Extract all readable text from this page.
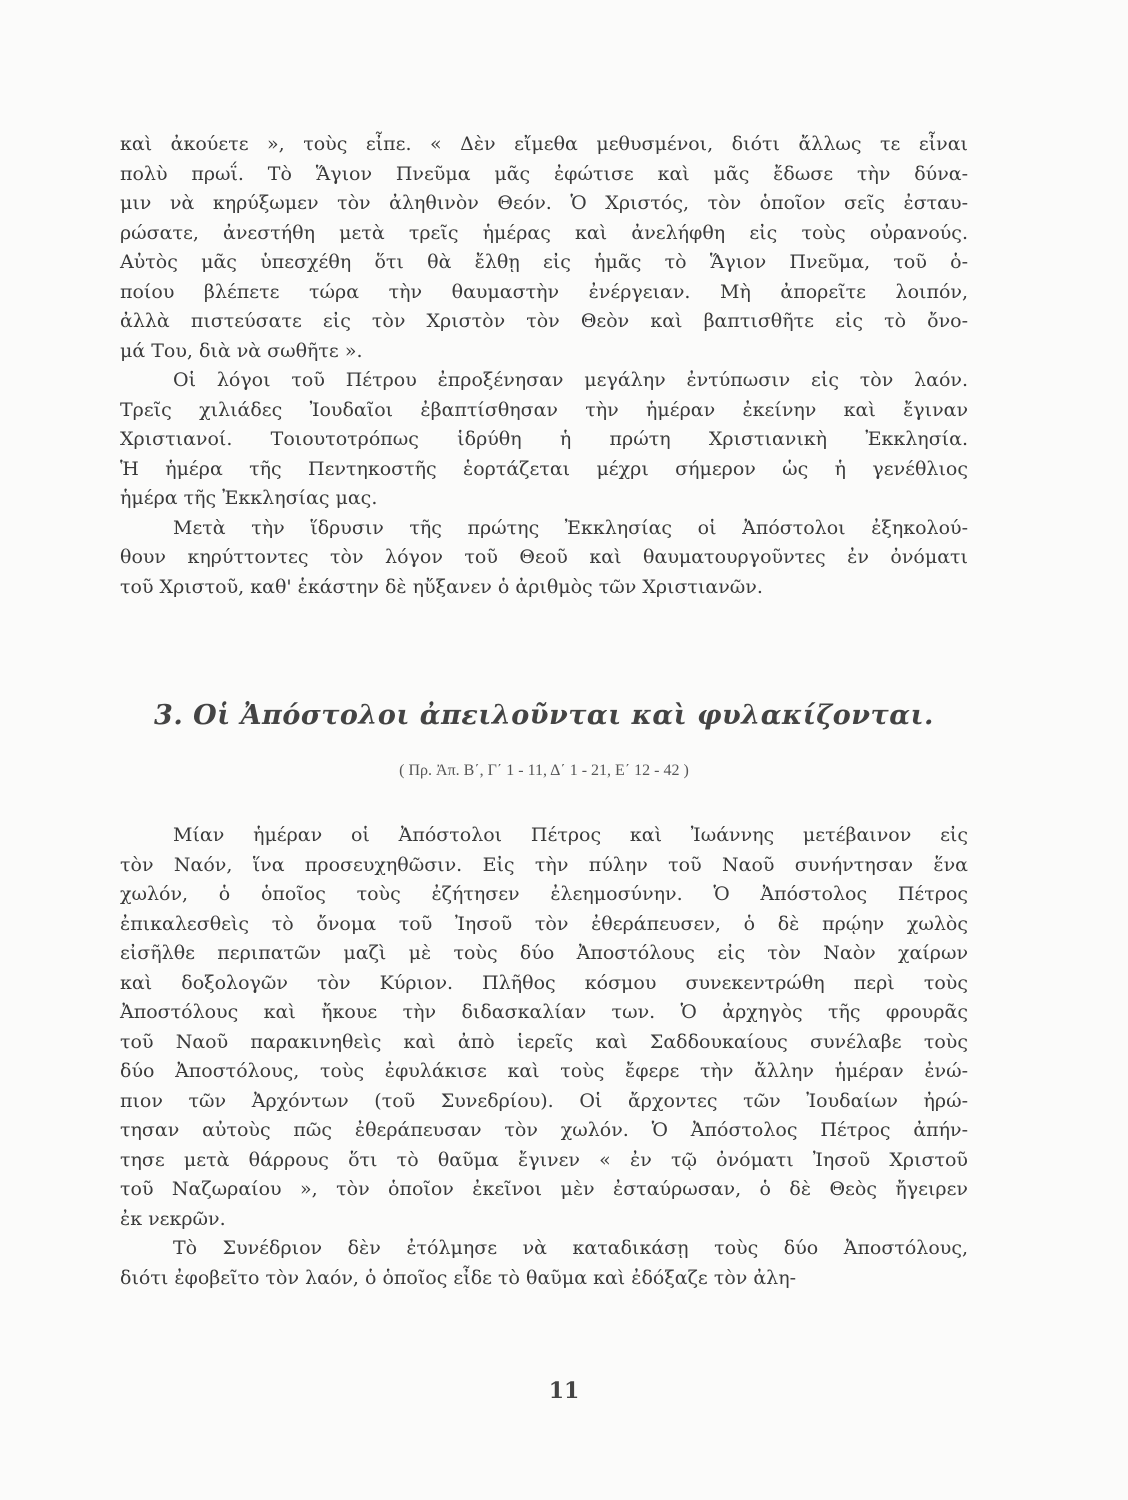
καὶ ἀκούετε », τοὺς εἶπε. « Δὲν εἴμεθα μεθυσμένοι, διότι ἄλλως τε εἶναι
πολὺ πρωΐ. Τὸ Ἅγιον Πνεῦμα μᾶς ἐφώτισε καὶ μᾶς ἔδωσε τὴν δύνα-
μιν νὰ κηρύξωμεν τὸν ἀληθινὸν Θεόν. Ὁ Χριστός, τὸν ὁποῖον σεῖς ἐσταυ-
ρώσατε, ἀνεστήθη μετὰ τρεῖς ἡμέρας καὶ ἀνελήφθη εἰς τοὺς οὐρανούς.
Αὐτὸς μᾶς ὑπεσχέθη ὅτι θὰ ἔλθῃ εἰς ἡμᾶς τὸ Ἅγιον Πνεῦμα, τοῦ ὁ-
ποίου βλέπετε τώρα τὴν θαυμαστὴν ἐνέργειαν. Μὴ ἀπορεῖτε λοιπόν,
ἀλλὰ πιστεύσατε εἰς τὸν Χριστὸν τὸν Θεὸν καὶ βαπτισθῆτε εἰς τὸ ὄνο-
μά Του, διὰ νὰ σωθῆτε ».
Οἱ λόγοι τοῦ Πέτρου ἐπροξένησαν μεγάλην ἐντύπωσιν εἰς τὸν λαόν.
Τρεῖς χιλιάδες Ἰουδαῖοι ἐβαπτίσθησαν τὴν ἡμέραν ἐκείνην καὶ ἔγιναν
Χριστιανοί. Τοιουτοτρόπως ἱδρύθη ἡ πρώτη Χριστιανικὴ Ἐκκλησία.
Ἡ ἡμέρα τῆς Πεντηκοστῆς ἑορτάζεται μέχρι σήμερον ὡς ἡ γενέθλιος
ἡμέρα τῆς Ἐκκλησίας μας.
Μετὰ τὴν ἵδρυσιν τῆς πρώτης Ἐκκλησίας οἱ Ἀπόστολοι ἐξηκολού-
θουν κηρύττοντες τὸν λόγον τοῦ Θεοῦ καὶ θαυματουργοῦντες ἐν ὀνόματι
τοῦ Χριστοῦ, καθ' ἑκάστην δὲ ηὔξανεν ὁ ἀριθμὸς τῶν Χριστιανῶν.
3. Οἱ Ἀπόστολοι ἀπειλοῦνται καὶ φυλακίζονται.
( Πρ. Ἀπ. Β΄, Γ΄ 1 - 11, Δ΄ 1 - 21, Ε΄ 12 - 42 )
Μίαν ἡμέραν οἱ Ἀπόστολοι Πέτρος καὶ Ἰωάννης μετέβαινον εἰς
τὸν Ναόν, ἵνα προσευχηθῶσιν. Εἰς τὴν πύλην τοῦ Ναοῦ συνήντησαν ἕνα
χωλόν, ὁ ὁποῖος τοὺς ἐζήτησεν ἐλεημοσύνην. Ὁ Ἀπόστολος Πέτρος
ἐπικαλεσθεὶς τὸ ὄνομα τοῦ Ἰησοῦ τὸν ἐθεράπευσεν, ὁ δὲ πρῴην χωλὸς
εἰσῆλθε περιπατῶν μαζὶ μὲ τοὺς δύο Ἀποστόλους εἰς τὸν Ναὸν χαίρων
καὶ δοξολογῶν τὸν Κύριον. Πλῆθος κόσμου συνεκεντρώθη περὶ τοὺς
Ἀποστόλους καὶ ἤκουε τὴν διδασκαλίαν των. Ὁ ἀρχηγὸς τῆς φρουρᾶς
τοῦ Ναοῦ παρακινηθεὶς καὶ ἀπὸ ἱερεῖς καὶ Σαδδουκαίους συνέλαβε τοὺς
δύο Ἀποστόλους, τοὺς ἐφυλάκισε καὶ τοὺς ἔφερε τὴν ἄλλην ἡμέραν ἐνώ-
πιον τῶν Ἀρχόντων (τοῦ Συνεδρίου). Οἱ ἄρχοντες τῶν Ἰουδαίων ἠρώ-
τησαν αὐτοὺς πῶς ἐθεράπευσαν τὸν χωλόν. Ὁ Ἀπόστολος Πέτρος ἀπήν-
τησε μετὰ θάρρους ὅτι τὸ θαῦμα ἔγινεν « ἐν τῷ ὀνόματι Ἰησοῦ Χριστοῦ
τοῦ Ναζωραίου », τὸν ὁποῖον ἐκεῖνοι μὲν ἐσταύρωσαν, ὁ δὲ Θεὸς ἤγειρεν
ἐκ νεκρῶν.
Τὸ Συνέδριον δὲν ἐτόλμησε νὰ καταδικάσῃ τοὺς δύο Ἀποστόλους,
διότι ἐφοβεῖτο τὸν λαόν, ὁ ὁποῖος εἶδε τὸ θαῦμα καὶ ἐδόξαζε τὸν ἀλη-
11
